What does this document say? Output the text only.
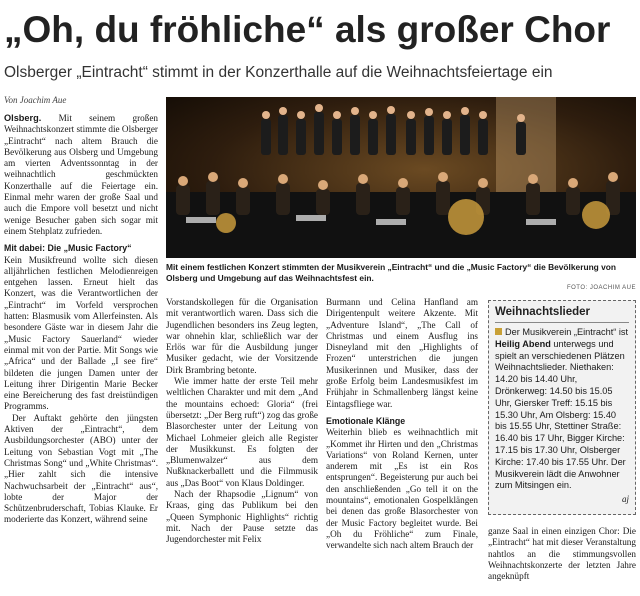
„Oh, du fröhliche“ als großer Chor
Olsberger „Eintracht“ stimmt in der Konzerthalle auf die Weihnachtsfeiertage ein
Von Joachim Aue

Olsberg. Mit seinem großen Weihnachtskonzert stimmte die Olsberger „Eintracht“ nach altem Brauch die Bevölkerung aus Olsberg und Umgebung am vierten Adventssonntag in der weihnachtlich geschmückten Konzerthalle auf die Feiertage ein. Einmal mehr waren der große Saal und auch die Empore voll besetzt und nicht wenige Besucher gaben sich sogar mit einem Stehplatz zufrieden.

Mit dabei: Die „Music Factory“

Kein Musikfreund wollte sich diesen alljährlichen festlichen Melodienreigen entgehen lassen. Erneut hielt das Konzert, was die Verantwortlichen der „Eintracht“ im Vorfeld versprochen hatten: Blasmusik vom Allerfeinsten. Als besondere Gäste war in diesem Jahr die „Music Factory Sauerland“ wieder einmal mit von der Partie. Mit Songs wie „Africa“ und der Ballade „I see fire“ bildeten die jungen Damen unter der Leitung ihrer Dirigentin Marie Becker eine Bereicherung des fast dreistündigen Programms.

Der Auftakt gehörte den jüngsten Aktiven der „Eintracht“, dem Ausbildungsorchester (ABO) unter der Leitung von Sebastian Vogt mit „The Christmas Song“ und „White Christmas“. „Hier zahlt sich die intensive Nachwuchsarbeit der „Eintracht“ aus“, lobte der Major der Schützenbruderschaft, Tobias Klauke. Er moderierte das Konzert, während seine

Mit einem festlichen Konzert stimmten der Musikverein „Eintracht“ und die „Music Factory“ die Bevölkerung von Olsberg und Umgebung auf das Weihnachtsfest ein.
FOTO: JOACHIM AUE

Vorstandskollegen für die Organisation mit verantwortlich waren. Dass sich die Jugendlichen besonders ins Zeug legten, war ohnehin klar, schließlich war der Erlös war für die Ausbildung junger Musiker gedacht, wie der Vorsitzende Dirk Brambring betonte.

Wie immer hatte der erste Teil mehr weltlichen Charakter und mit dem „And the mountains echoed: Gloria“ (frei übersetzt: „Der Berg ruft“) zog das große Blasorchester unter der Leitung von Michael Lohmeier gleich alle Register der Musikkunst. Es folgten der „Blumenwalzer“ aus dem Nußknackerballett und die Filmmusik aus „Das Boot“ von Klaus Doldinger.

Nach der Rhapsodie „Lignum“ von Kraas, ging das Publikum bei den „Queen Symphonic Highlights“ richtig mit. Nach der Pause setzte das Jugendorchester mit Felix

Burmann und Celina Hanfland am Dirigentenpult weitere Akzente. Mit „Adventure Island“, „The Call of Christmas und einem Ausflug ins Disneyland mit den „Highlights of Frozen“ unterstrichen die jungen Musikerinnen und Musiker, dass der große Erfolg beim Landesmusikfest im Frühjahr in Schmallenberg längst keine Eintagsfliege war.

Emotionale Klänge

Weiterhin blieb es weihnachtlich mit „Kommet ihr Hirten und den „Christmas Variations“ von Roland Kernen, unter anderem mit „Es ist ein Ros entsprungen“. Begeisterung pur auch bei den anschließenden „Go tell it on the mountains“, emotionalen Gospelklängen bei denen das große Blasorchester von der Music Factory begleitet wurde. Bei „Oh du Fröhliche“ zum Finale, verwandelte sich nach altem Brauch der

Weihnachtslieder
Der Musikverein „Eintracht“ ist Heilig Abend unterwegs und spielt an verschiedenen Plätzen Weihnachtslieder. Niethaken: 14.20 bis 14.40 Uhr, Drönkerweg: 14.50 bis 15.05 Uhr, Giersker Treff: 15.15 bis 15.30 Uhr, Am Olsberg: 15.40 bis 15.55 Uhr, Stettiner Straße: 16.40 bis 17 Uhr, Bigger Kirche: 17.15 bis 17.30 Uhr, Olsberger Kirche: 17.40 bis 17.55 Uhr. Der Musikverein lädt die Anwohner zum Mitsingen ein.
aj

ganze Saal in einen einzigen Chor: Die „Eintracht“ hat mit dieser Veranstaltung nahtlos an die stimmungsvollen Weihnachtskonzerte der letzten Jahre angeknüpft
